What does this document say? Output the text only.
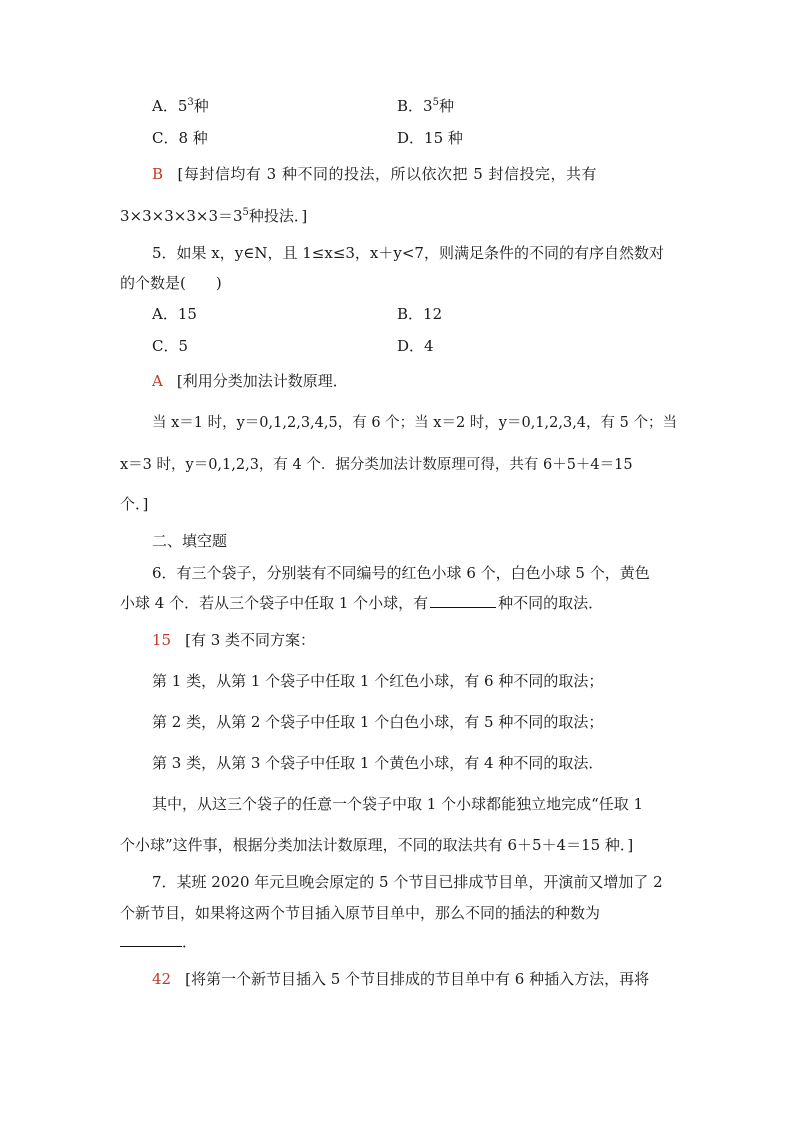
A．$5^3$种	B．$3^5$种
C．8 种	D．15 种
B [每封信均有 3 种不同的投法，所以依次把 5 封信投完，共有
$3\times 3\times 3\times 3\times 3=3^5$种投法．]
5．如果 x，y∈N，且 1≤x≤3，x＋y<7，则满足条件的不同的有序自然数对
的个数是(　　)
A．15	B．12
C．5	D．4
A [利用分类加法计数原理．
当 x＝1 时，y＝0,1,2,3,4,5，有 6 个；当 x＝2 时，y＝0,1,2,3,4，有 5 个；当
x＝3 时，y＝0,1,2,3，有 4 个．据分类加法计数原理可得，共有 6＋5＋4＝15
个．]
二、填空题
6．有三个袋子，分别装有不同编号的红色小球 6 个，白色小球 5 个，黄色
小球 4 个．若从三个袋子中任取 1 个小球，有	种不同的取法．
15 [有 3 类不同方案：
第 1 类，从第 1 个袋子中任取 1 个红色小球，有 6 种不同的取法；
第 2 类，从第 2 个袋子中任取 1 个白色小球，有 5 种不同的取法；
第 3 类，从第 3 个袋子中任取 1 个黄色小球，有 4 种不同的取法．
其中，从这三个袋子的任意一个袋子中取 1 个小球都能独立地完成“任取 1
个小球”这件事，根据分类加法计数原理，不同的取法共有 6＋5＋4＝15 种．]
7．某班 2020 年元旦晚会原定的 5 个节目已排成节目单，开演前又增加了 2
个新节目，如果将这两个节目插入原节目单中，那么不同的插法的种数为
．
42 [将第一个新节目插入 5 个节目排成的节目单中有 6 种插入方法，再将
